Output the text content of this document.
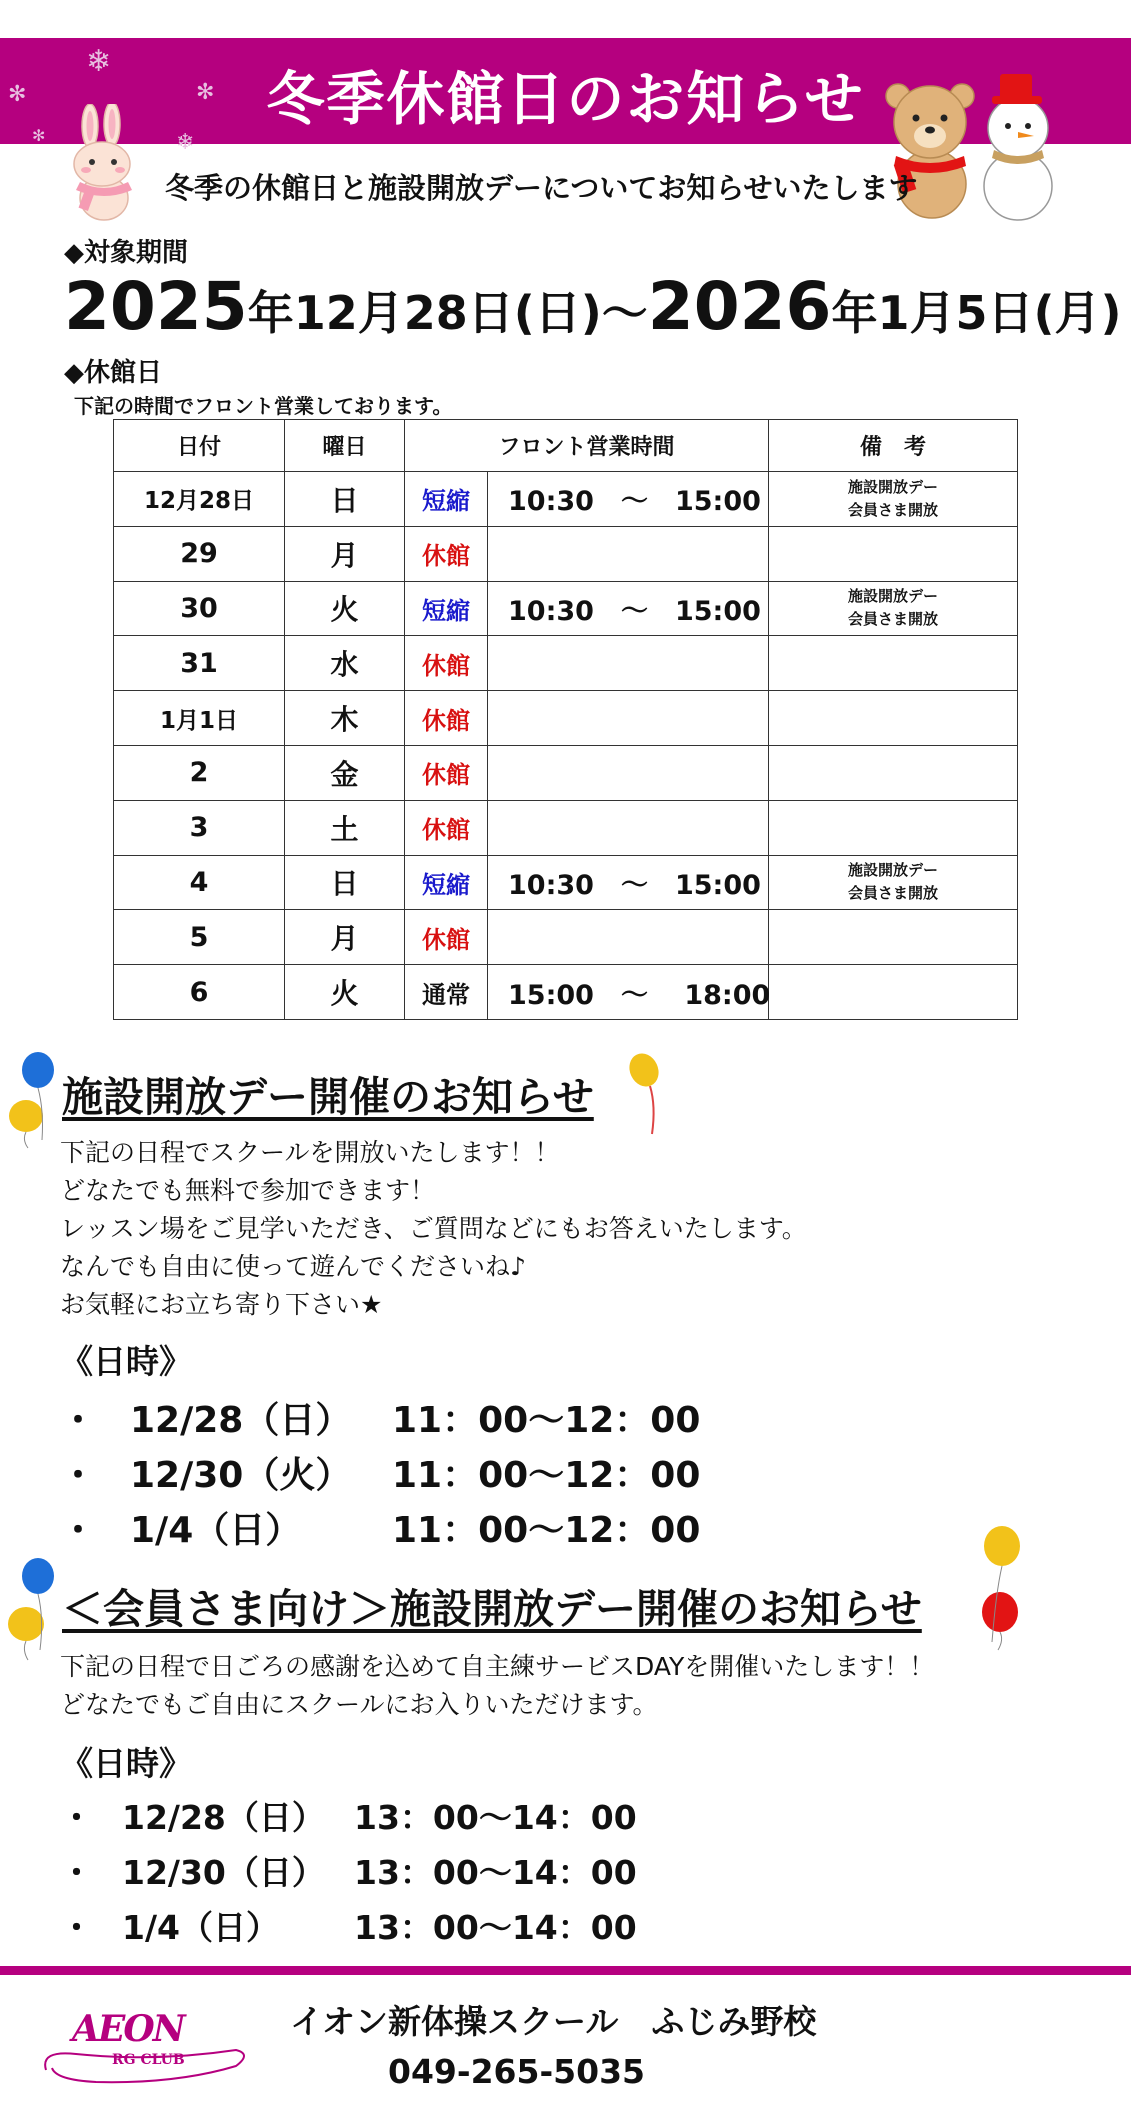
❄
✻	✻
✻	❄
冬季休館日のお知らせ
冬季の休館日と施設開放デーについてお知らせいたします
◆対象期間
2025年12月28日(日)～2026年1月5日(月)
◆休館日
下記の時間でフロント営業しております。
日付	曜日	フロント営業時間		備　考
12月28日	日	短縮	10:30　～　15:00	施設開放デー
会員さま開放

29	月	休館		

30	火	短縮	10:30　～　15:00	施設開放デー
会員さま開放

31	水	休館		

1月1日	木	休館		

2	金	休館		

3	土	休館		

4	日	短縮	10:30　～　15:00	施設開放デー
会員さま開放

5	月	休館		

6	火	通常	15:00　～　 18:00	
施設開放デー開催のお知らせ
下記の日程でスクールを開放いたします！！
どなたでも無料で参加できます！
レッスン場をご見学いただき、ご質問などにもお答えいたします。
なんでも自由に使って遊んでくださいね♪
お気軽にお立ち寄り下さい★
《日時》
・ 12/28（日） 11：00～12：00
・ 12/30（火） 11：00～12：00
・ 1/4（日）	11：00～12：00
＜会員さま向け＞施設開放デー開催のお知らせ
下記の日程で日ごろの感謝を込めて自主練サービスDAYを開催いたします！！
どなたでもご自由にスクールにお入りいただけます。
《日時》
・ 12/28（日） 13：00～14：00
・ 12/30（日） 13：00～14：00
・ 1/4（日） 13：00～14：00
AEON
RG CLUB
イオン新体操スクール　ふじみ野校
049-265-5035
